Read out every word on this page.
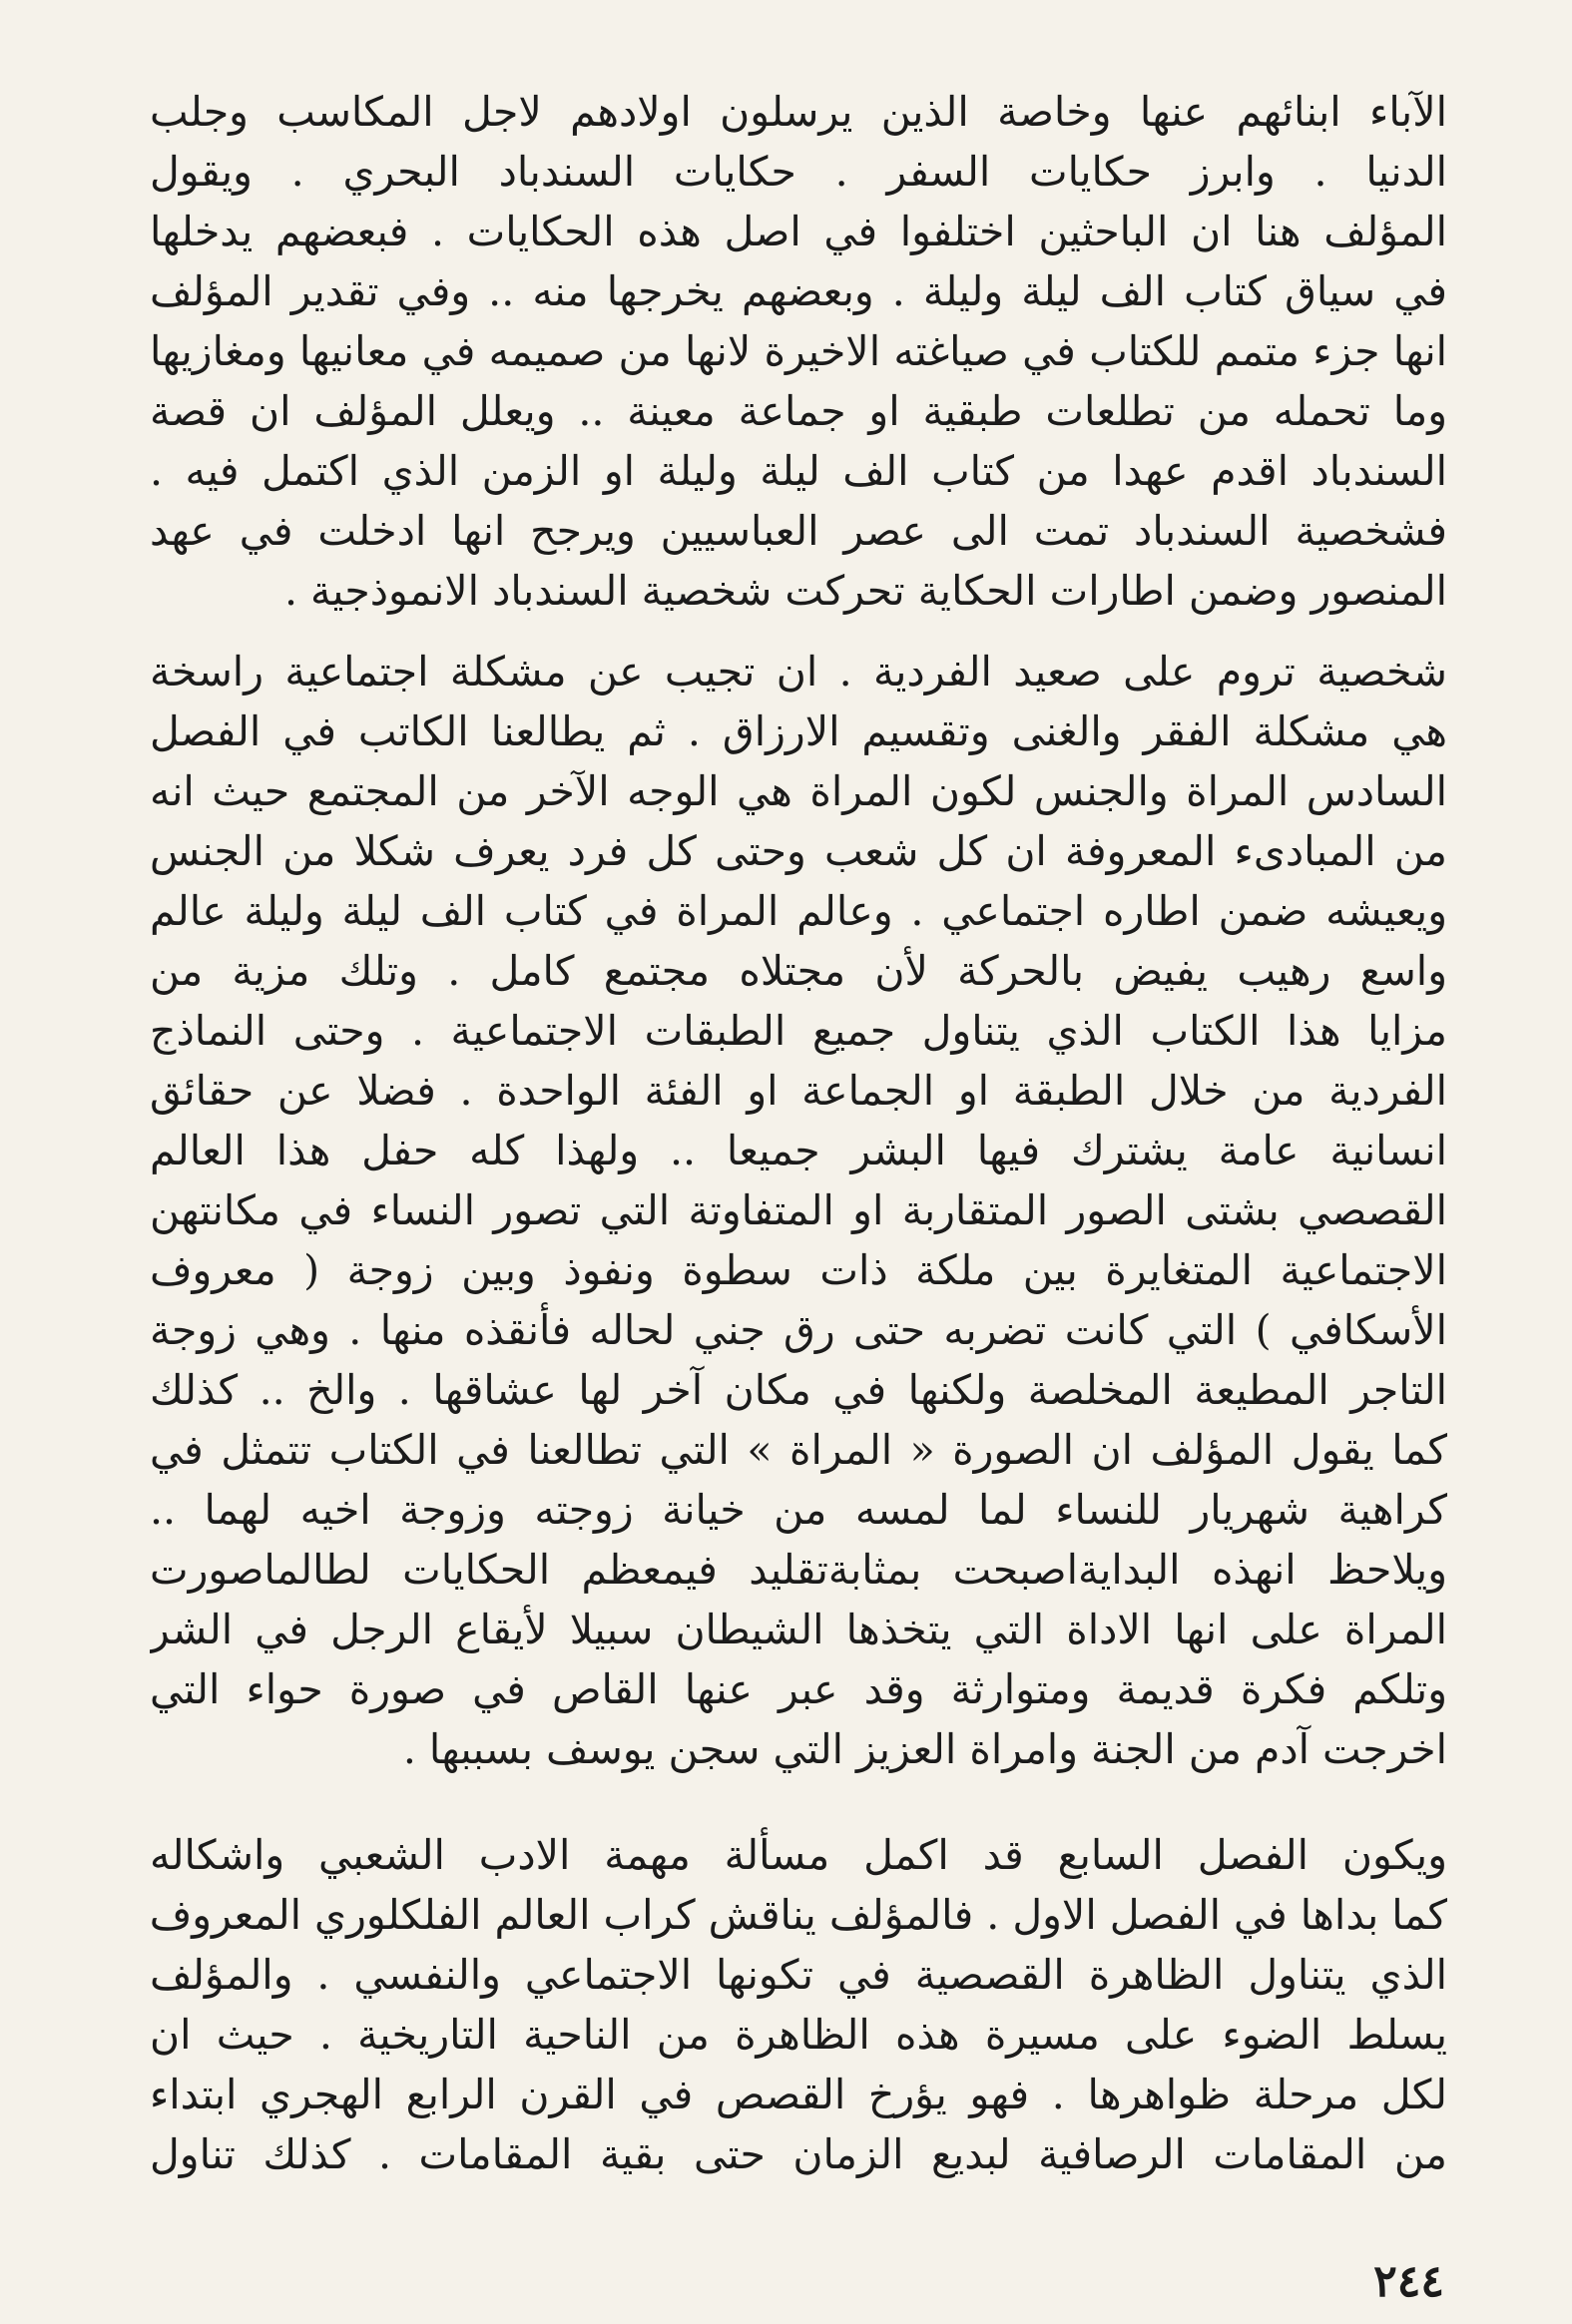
الآباء ابنائهم عنها وخاصة الذين يرسلون اولادهم لاجل المكاسب وجلب
الدنيا . وابرز حكايات السفر . حكايات السندباد البحري . ويقول
المؤلف هنا ان الباحثين اختلفوا في اصل هذه الحكايات . فبعضهم يدخلها
في سياق كتاب الف ليلة وليلة . وبعضهم يخرجها منه .. وفي تقدير المؤلف
انها جزء متمم للكتاب في صياغته الاخيرة لانها من صميمه في معانيها ومغازيها
وما تحمله من تطلعات طبقية او جماعة معينة .. ويعلل المؤلف ان قصة
السندباد اقدم عهدا من كتاب الف ليلة وليلة او الزمن الذي اكتمل فيه .
فشخصية السندباد تمت الى عصر العباسيين ويرجح انها ادخلت في عهد
المنصور وضمن اطارات الحكاية تحركت شخصية السندباد الانموذجية .
شخصية تروم على صعيد الفردية . ان تجيب عن مشكلة اجتماعية راسخة
هي مشكلة الفقر والغنى وتقسيم الارزاق . ثم يطالعنا الكاتب في الفصل
السادس المراة والجنس لكون المراة هي الوجه الآخر من المجتمع حيث انه
من المبادىء المعروفة ان كل شعب وحتى كل فرد يعرف شكلا من الجنس
ويعيشه ضمن اطاره اجتماعي . وعالم المراة في كتاب الف ليلة وليلة عالم
واسع رهيب يفيض بالحركة لأن مجتلاه مجتمع كامل . وتلك مزية من
مزايا هذا الكتاب الذي يتناول جميع الطبقات الاجتماعية . وحتى النماذج
الفردية من خلال الطبقة او الجماعة او الفئة الواحدة . فضلا عن حقائق
انسانية عامة يشترك فيها البشر جميعا .. ولهذا كله حفل هذا العالم
القصصي بشتى الصور المتقاربة او المتفاوتة التي تصور النساء في مكانتهن
الاجتماعية المتغايرة بين ملكة ذات سطوة ونفوذ وبين زوجة ( معروف
الأسكافي ) التي كانت تضربه حتى رق جني لحاله فأنقذه منها . وهي زوجة
التاجر المطيعة المخلصة ولكنها في مكان آخر لها عشاقها . والخ .. كذلك
كما يقول المؤلف ان الصورة « المراة » التي تطالعنا في الكتاب تتمثل في
كراهية شهريار للنساء لما لمسه من خيانة زوجته وزوجة اخيه لهما ..
ويلاحظ انهذه البدايةاصبحت بمثابةتقليد فيمعظم الحكايات لطالماصورت
المراة على انها الاداة التي يتخذها الشيطان سبيلا لأيقاع الرجل في الشر
وتلكم فكرة قديمة ومتوارثة وقد عبر عنها القاص في صورة حواء التي
اخرجت آدم من الجنة وامراة العزيز التي سجن يوسف بسببها .
ويكون الفصل السابع قد اكمل مسألة مهمة الادب الشعبي واشكاله
كما بداها في الفصل الاول . فالمؤلف يناقش كراب العالم الفلكلوري المعروف
الذي يتناول الظاهرة القصصية في تكونها الاجتماعي والنفسي . والمؤلف
يسلط الضوء على مسيرة هذه الظاهرة من الناحية التاريخية . حيث ان
لكل مرحلة ظواهرها . فهو يؤرخ القصص في القرن الرابع الهجري ابتداء
من المقامات الرصافية لبديع الزمان حتى بقية المقامات . كذلك تناول
٢٤٤
